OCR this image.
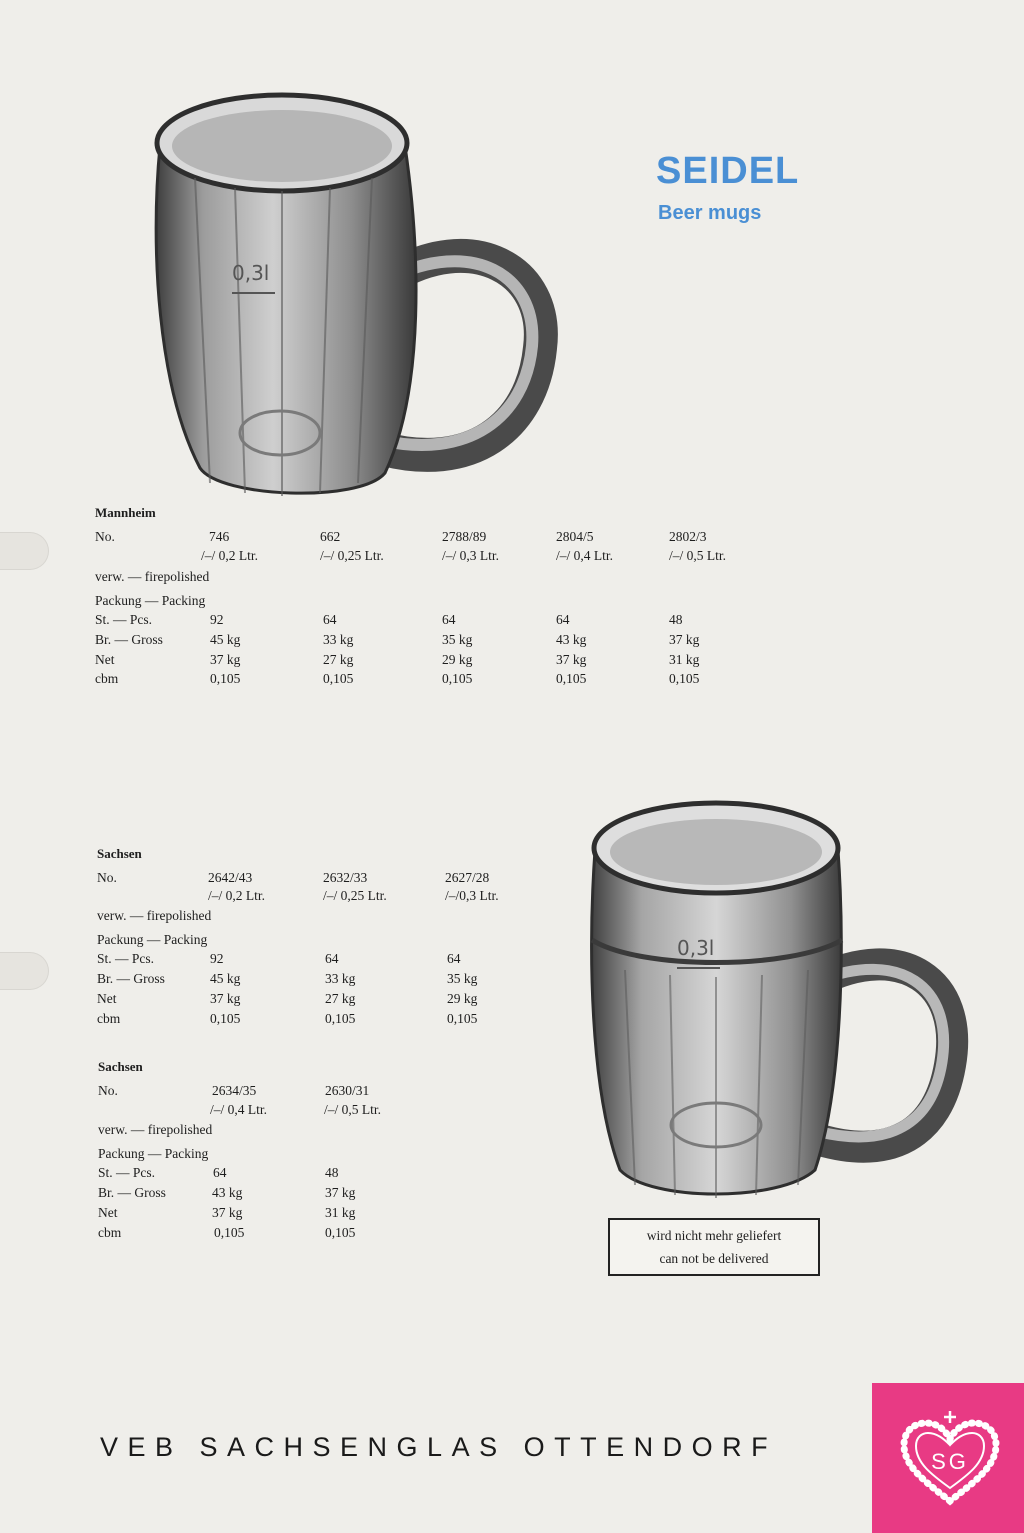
SEIDEL
Beer mugs
0,3l
0,3l
Mannheim
No.
verw. — firepolished
Packung — Packing
St. — Pcs.
Br. — Gross
Net
cbm
746
/–/ 0,2 Ltr.
92
45 kg
37 kg
0,105
662
/–/ 0,25 Ltr.
64
33 kg
27 kg
0,105
2788/89
/–/ 0,3 Ltr.
64
35 kg
29 kg
0,105
2804/5
/–/ 0,4 Ltr.
64
43 kg
37 kg
0,105
2802/3
/–/ 0,5 Ltr.
48
37 kg
31 kg
0,105
Sachsen
No.
verw. — firepolished
Packung — Packing
St. — Pcs.
Br. — Gross
Net
cbm
2642/43
/–/ 0,2 Ltr.
92
45 kg
37 kg
0,105
2632/33
/–/ 0,25 Ltr.
64
33 kg
27 kg
0,105
2627/28
/–/0,3 Ltr.
64
35 kg
29 kg
0,105
Sachsen
No.
verw. — firepolished
Packung — Packing
St. — Pcs.
Br. — Gross
Net
cbm
2634/35
/–/ 0,4 Ltr.
64
43 kg
37 kg
0,105
2630/31
/–/ 0,5 Ltr.
48
37 kg
31 kg
0,105	wird nicht mehr geliefert
can not be delivered
VEB SACHSENGLAS OTTENDORF	SG
